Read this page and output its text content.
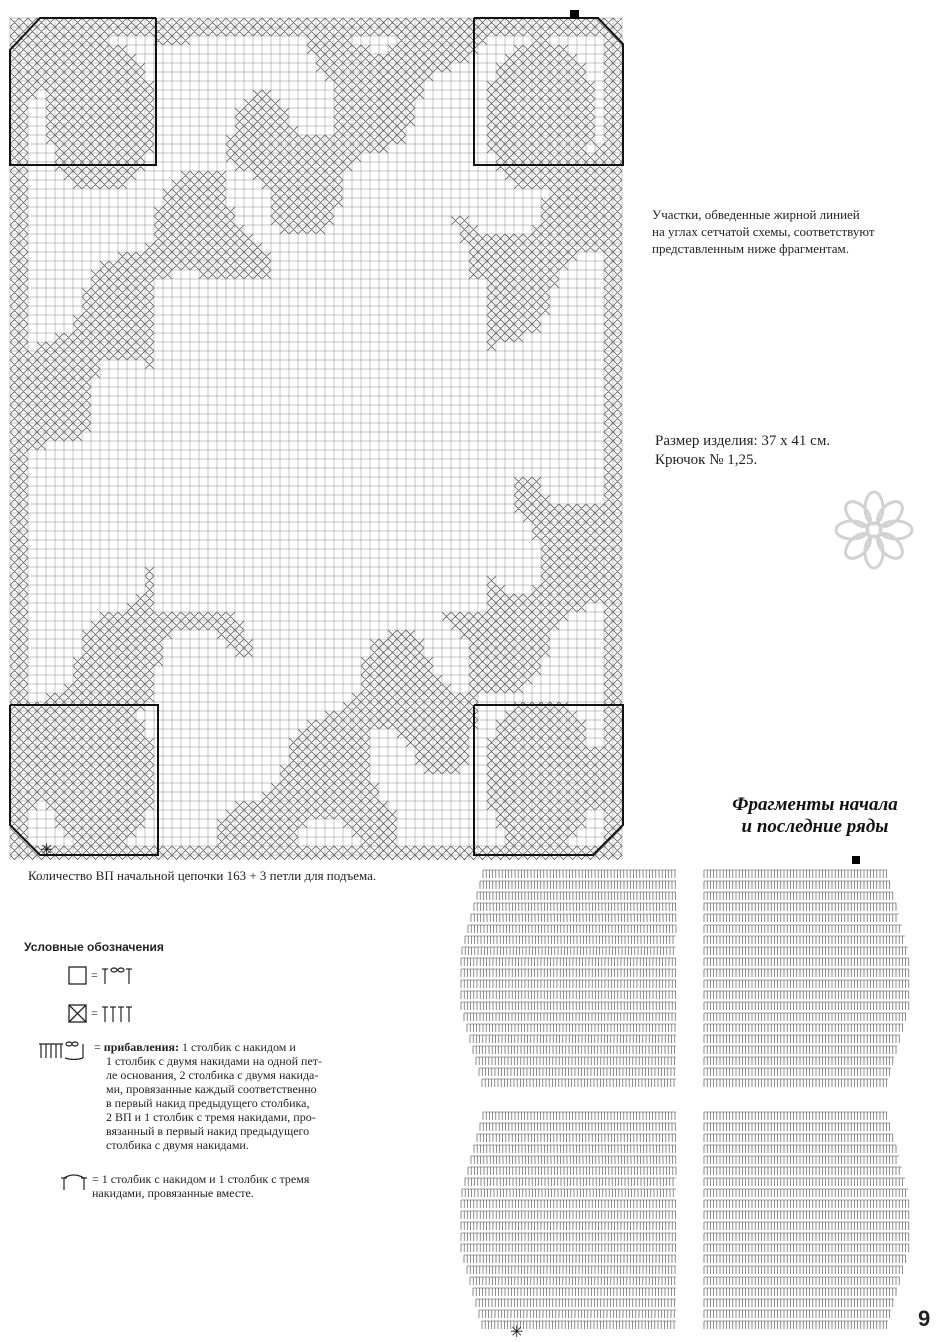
✳
Участки, обведенные жирной линией
на углах сетчатой схемы, соответствуют
представленным ниже фрагментам.
Размер изделия: 37 х 41 см.
Крючок № 1,25.
Фрагменты начала
и последние ряды
Количество ВП начальной цепочки 163 + 3 петли для подъема.
Условные обозначения
=
=
= прибавления: 1 столбик с накидом и
1 столбик с двумя накидами на одной пет-
ле основания, 2 столбика с двумя накида-
ми, провязанные каждый соответственно
в первый накид предыдущего столбика,
2 ВП и 1 столбик с тремя накидами, про-
вязанный в первый накид предыдущего
столбика с двумя накидами.
= 1 столбик с накидом и 1 столбик с тремя
накидами, провязанные вместе.
✳
9
